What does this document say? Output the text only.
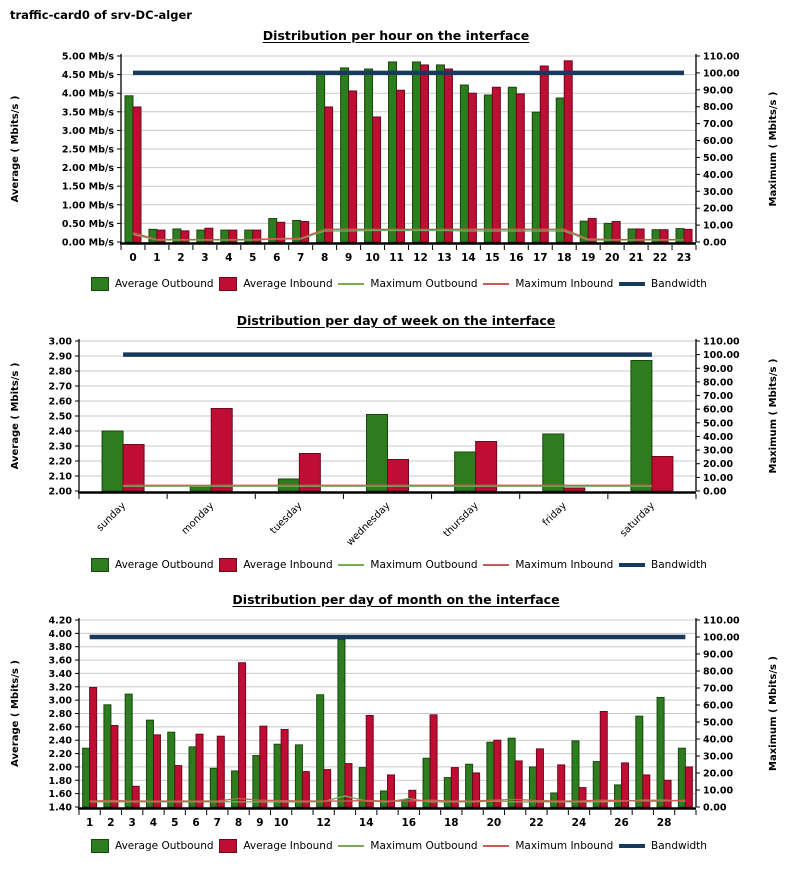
traffic-card0 of srv-DC-alger
Distribution per hour on the interface
0.00 Mb/s
0.50 Mb/s
1.00 Mb/s
1.50 Mb/s
2.00 Mb/s
2.50 Mb/s
3.00 Mb/s
3.50 Mb/s
4.00 Mb/s
4.50 Mb/s
5.00 Mb/s
0.00
10.00
20.00
30.00
40.00
50.00
60.00
70.00
80.00
90.00
100.00
110.00
0 1 2 3 4 5 6 7 8 9 10 11 12 13 14 15 16 17 18 19 20 21 22 23
Average ( Mbits/s )	Maximum ( Mbits/s )
Average Outbound	Average Inbound	Maximum Outbound	Maximum Inbound	Bandwidth
Distribution per day of week on the interface
2.00
2.10
2.20
2.30
2.40
2.50
2.60
2.70
2.80
2.90
3.00
0.00
10.00
20.00
30.00
40.00
50.00
60.00
70.00
80.00
90.00
100.00
110.00
sunday	monday	tuesday	wednesday	thursday	friday	saturday
Average ( Mbits/s )	Maximum ( Mbits/s )
Average Outbound	Average Inbound	Maximum Outbound	Maximum Inbound	Bandwidth
Distribution per day of month on the interface
1.40
1.60
1.80
2.00
2.20
2.40
2.60
2.80
3.00
3.20
3.40
3.60
3.80
4.00
4.20
0.00
10.00
20.00
30.00
40.00
50.00
60.00
70.00
80.00
90.00
100.00
110.00
1 2 3 4 5 6 7 8 9 10	12	14	16	18	20	22	24	26	28
Average ( Mbits/s )	Maximum ( Mbits/s )
Average Outbound	Average Inbound	Maximum Outbound	Maximum Inbound	Bandwidth
